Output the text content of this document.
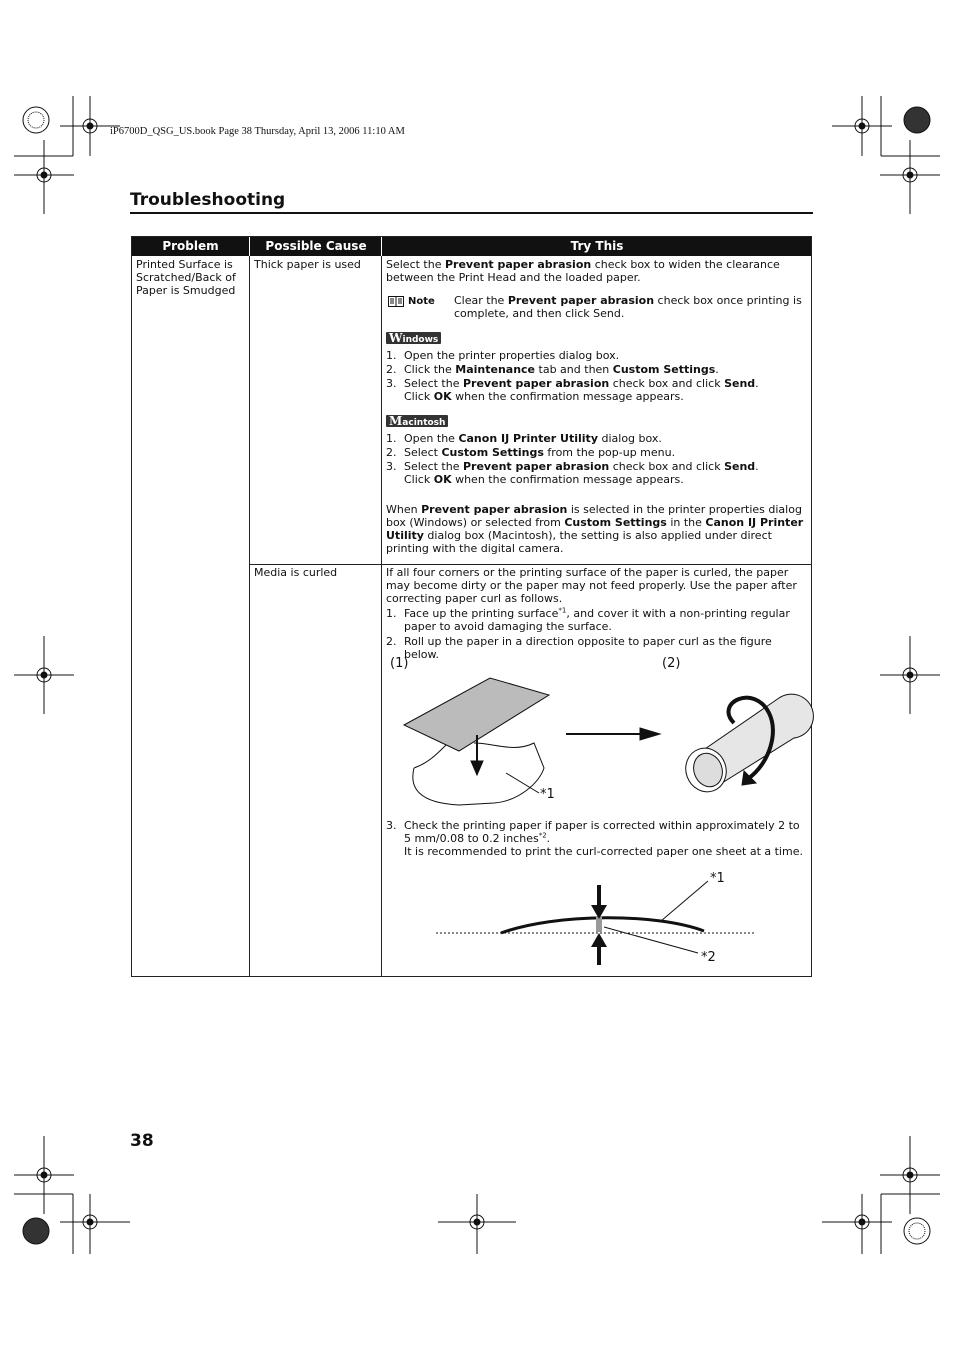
iP6700D_QSG_US.book Page 38 Thursday, April 13, 2006 11:10 AM
Troubleshooting
Problem	Possible Cause	Try This
Printed Surface is Scratched/Back of Paper is Smudged
Thick paper is used	Select the Prevent paper abrasion check box to widen the clearance between the Print Head and the loaded paper.

Note Clear the Prevent paper abrasion check box once printing is complete, and then click Send.
Windows
1. Open the printer properties dialog box.
2. Click the Maintenance tab and then Custom Settings.
3. Select the Prevent paper abrasion check box and click Send.
Click OK when the confirmation message appears.
Macintosh
1. Open the Canon IJ Printer Utility dialog box.
2. Select Custom Settings from the pop-up menu.
3. Select the Prevent paper abrasion check box and click Send.
Click OK when the confirmation message appears.

When Prevent paper abrasion is selected in the printer properties dialog box (Windows) or selected from Custom Settings in the Canon IJ Printer Utility dialog box (Macintosh), the setting is also applied under direct printing with the digital camera.

Media is curled	If all four corners or the printing surface of the paper is curled, the paper may become dirty or the paper may not feed properly. Use the paper after correcting paper curl as follows.

1. Face up the printing surface$^{*1}$, and cover it with a non-printing regular paper to avoid damaging the surface.
2. Roll up the paper in a direction opposite to paper curl as the figure below.
(1)	(2)
*1
3. Check the printing paper if paper is corrected within approximately 2 to 5 mm/0.08 to 0.2 inches$^{*2}$.
It is recommended to print the curl-corrected paper one sheet at a time.
*1
*2
38
